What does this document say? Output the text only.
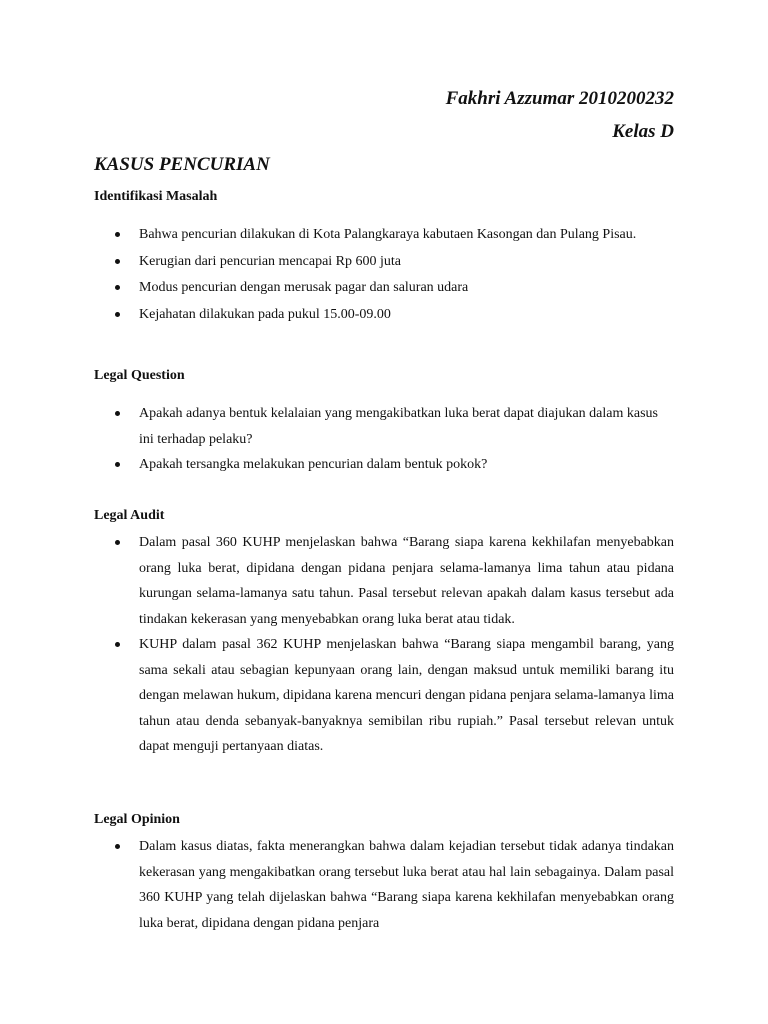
Fakhri Azzumar 2010200232
Kelas D
KASUS PENCURIAN
Identifikasi Masalah
Bahwa pencurian dilakukan di Kota Palangkaraya kabutaen Kasongan dan Pulang Pisau.
Kerugian dari pencurian mencapai Rp 600 juta
Modus pencurian dengan merusak pagar dan saluran udara
Kejahatan dilakukan pada pukul 15.00-09.00
Legal Question
Apakah adanya bentuk kelalaian yang mengakibatkan luka berat dapat diajukan dalam kasus ini terhadap pelaku?
Apakah tersangka melakukan pencurian dalam bentuk pokok?
Legal Audit
Dalam pasal 360 KUHP menjelaskan bahwa “Barang siapa karena kekhilafan menyebabkan orang luka berat, dipidana dengan pidana penjara selama-lamanya lima tahun atau pidana kurungan selama-lamanya satu tahun. Pasal tersebut relevan apakah dalam kasus tersebut ada tindakan kekerasan yang menyebabkan orang luka berat atau tidak.
KUHP dalam pasal 362 KUHP menjelaskan bahwa “Barang siapa mengambil barang, yang sama sekali atau sebagian kepunyaan orang lain, dengan maksud untuk memiliki barang itu dengan melawan hukum, dipidana karena mencuri dengan pidana penjara selama-lamanya lima tahun atau denda sebanyak-banyaknya semibilan ribu rupiah.” Pasal tersebut relevan untuk dapat menguji pertanyaan diatas.
Legal Opinion
Dalam kasus diatas, fakta menerangkan bahwa dalam kejadian tersebut tidak adanya tindakan kekerasan yang mengakibatkan orang tersebut luka berat atau hal lain sebagainya. Dalam pasal 360 KUHP yang telah dijelaskan bahwa “Barang siapa karena kekhilafan menyebabkan orang luka berat, dipidana dengan pidana penjara
